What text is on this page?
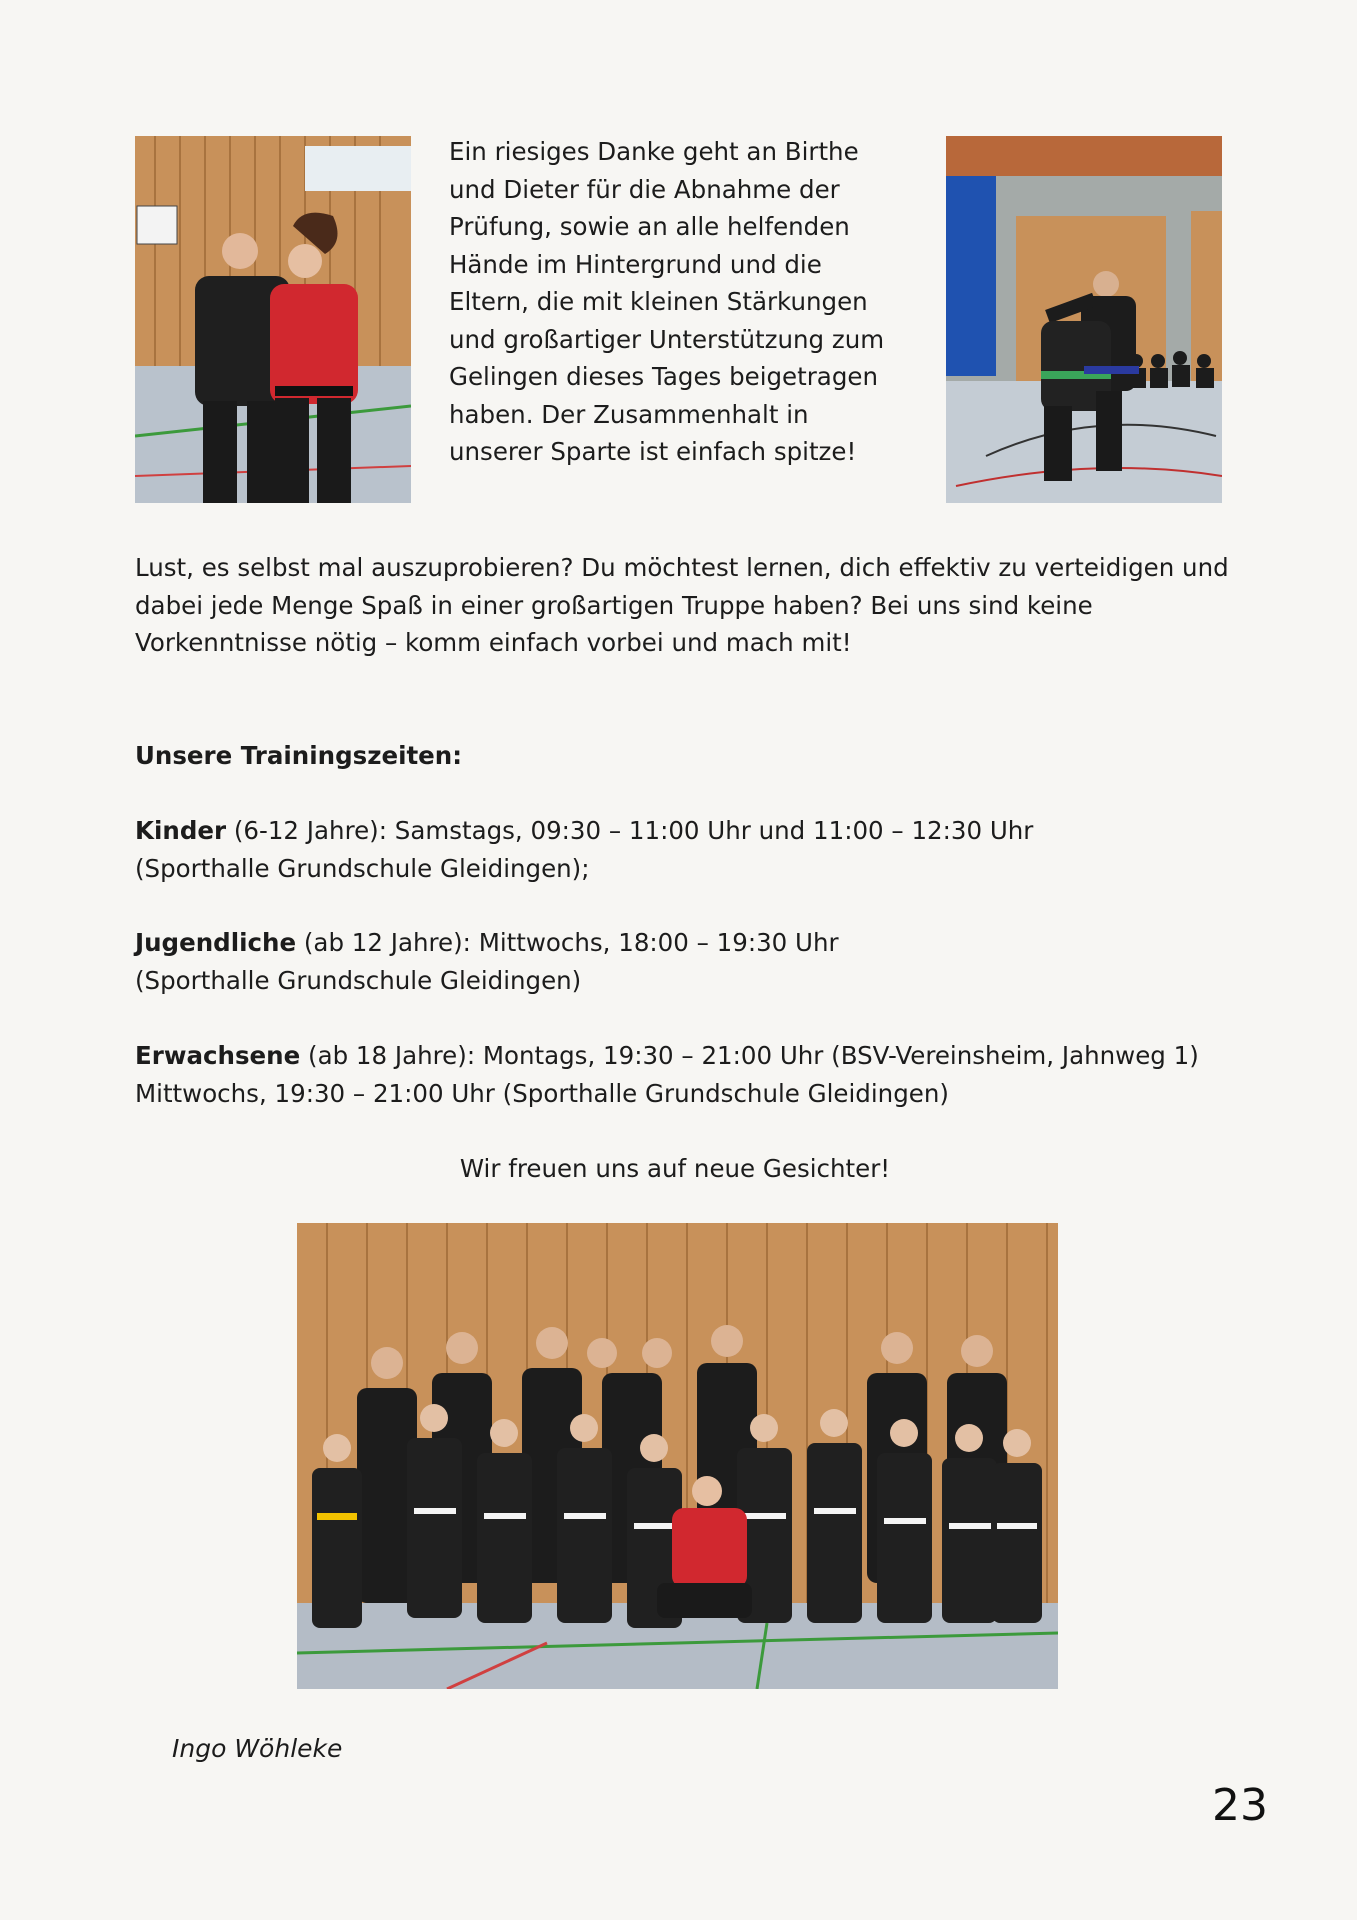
Ein riesiges Danke geht an Birthe und Dieter für die Abnahme der Prüfung, sowie an alle helfenden Hände im Hintergrund und die Eltern, die mit kleinen Stärkungen und großartiger Unterstützung zum Gelingen dieses Tages beigetragen haben. Der Zusammenhalt in unserer Sparte ist einfach spitze!

Lust, es selbst mal auszuprobieren? Du möchtest lernen, dich effektiv zu verteidigen und dabei jede Menge Spaß in einer großartigen Truppe haben? Bei uns sind keine Vorkenntnisse nötig – komm einfach vorbei und mach mit!

Unsere Trainingszeiten:

Kinder (6-12 Jahre): Samstags, 09:30 – 11:00 Uhr und 11:00 – 12:30 Uhr

(Sporthalle Grundschule Gleidingen);

Jugendliche (ab 12 Jahre): Mittwochs, 18:00 – 19:30 Uhr

(Sporthalle Grundschule Gleidingen)

Erwachsene (ab 18 Jahre): Montags, 19:30 – 21:00 Uhr (BSV-Vereinsheim, Jahnweg 1)

Mittwochs, 19:30 – 21:00 Uhr (Sporthalle Grundschule Gleidingen)

Wir freuen uns auf neue Gesichter!

Ingo Wöhleke
23
